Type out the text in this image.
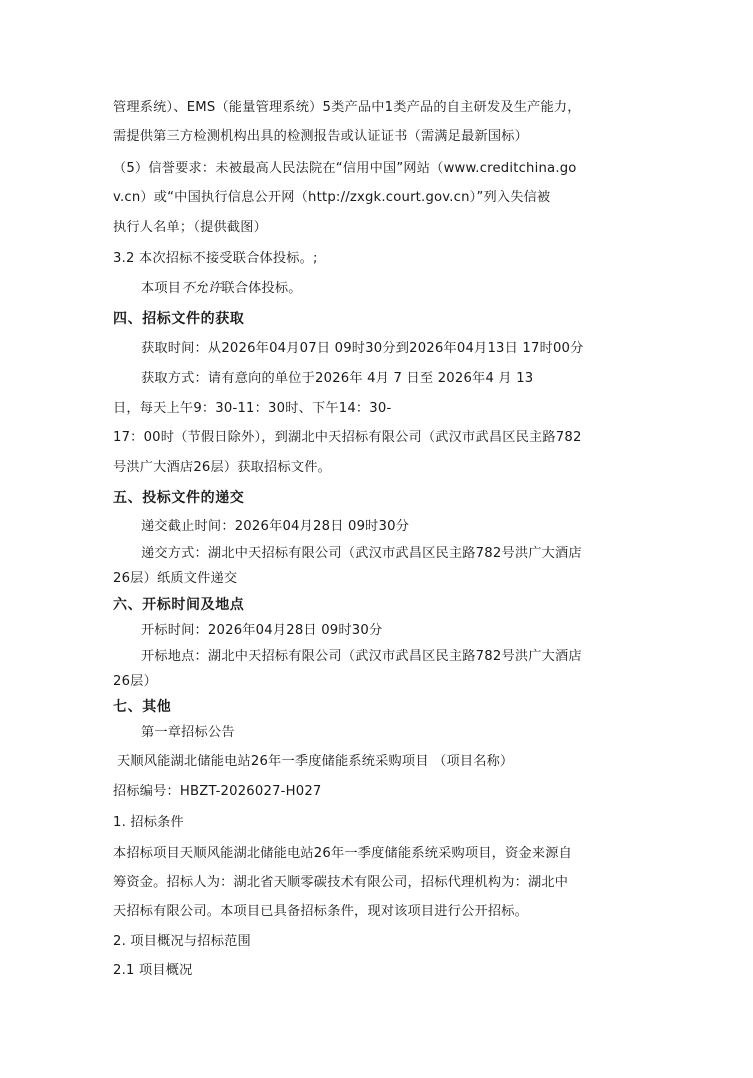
管理系统）、EMS（能量管理系统）5类产品中1类产品的自主研发及生产能力，
需提供第三方检测机构出具的检测报告或认证证书（需满足最新国标）
（5）信誉要求：未被最高人民法院在“信用中国”网站（www.creditchina.go
v.cn）或“中国执行信息公开网（http://zxgk.court.gov.cn）”列入失信被
执行人名单；（提供截图）
3.2 本次招标不接受联合体投标。;
本项目不允许联合体投标。
四、招标文件的获取
获取时间：从2026年04月07日 09时30分到2026年04月13日 17时00分
获取方式：请有意向的单位于2026年 4月 7 日至 2026年4 月 13
日，每天上午9：30-11：30时、下午14：30-
17：00时（节假日除外），到湖北中天招标有限公司（武汉市武昌区民主路782
号洪广大酒店26层）获取招标文件。
五、投标文件的递交
递交截止时间：2026年04月28日 09时30分
递交方式：湖北中天招标有限公司（武汉市武昌区民主路782号洪广大酒店
26层）纸质文件递交
六、开标时间及地点
开标时间：2026年04月28日 09时30分
开标地点：湖北中天招标有限公司（武汉市武昌区民主路782号洪广大酒店
26层）
七、其他
第一章招标公告
天顺风能湖北储能电站26年一季度储能系统采购项目 （项目名称）
招标编号：HBZT-2026027-H027
1. 招标条件
本招标项目天顺风能湖北储能电站26年一季度储能系统采购项目，资金来源自
筹资金。招标人为：湖北省天顺零碳技术有限公司，招标代理机构为：湖北中
天招标有限公司。本项目已具备招标条件，现对该项目进行公开招标。
2. 项目概况与招标范围
2.1 项目概况
